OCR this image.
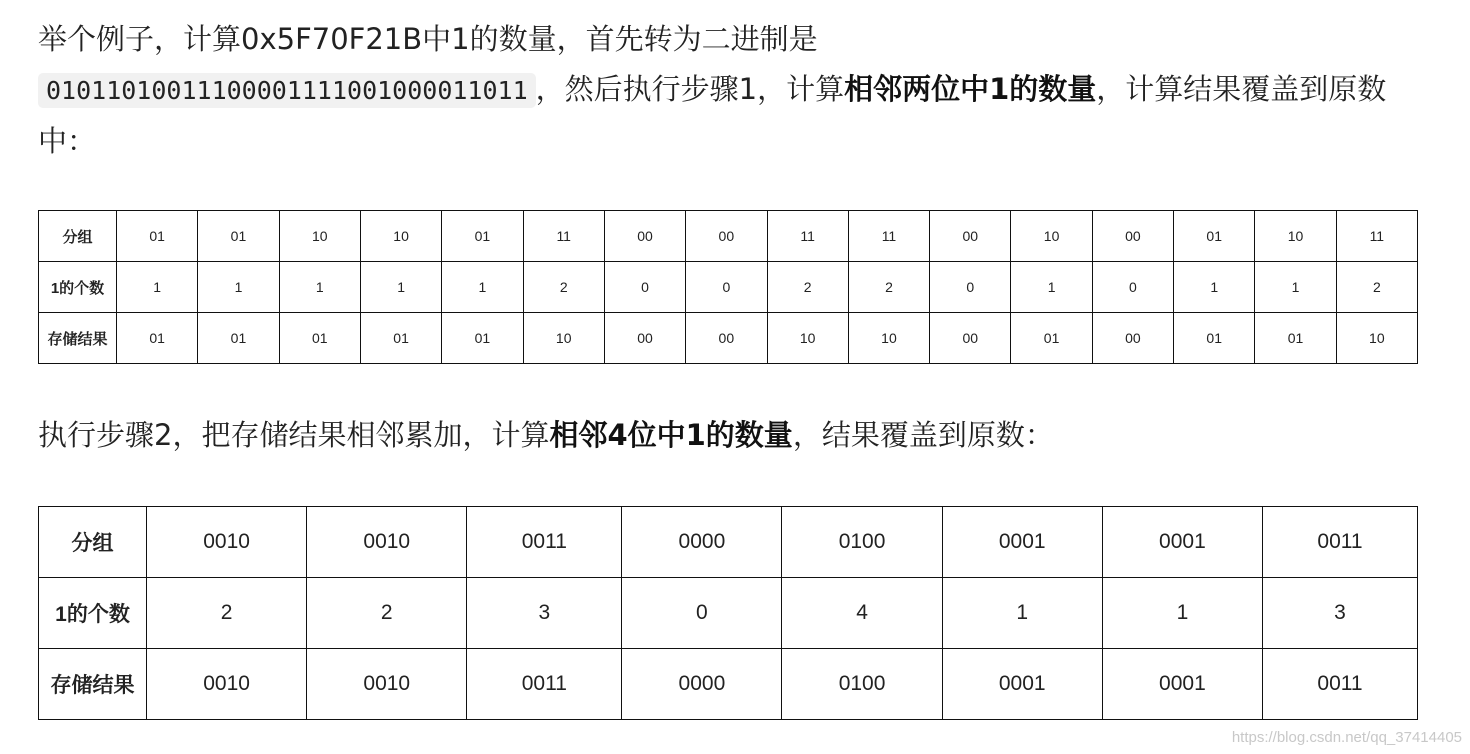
举个例子，计算0x5F70F21B中1的数量，首先转为二进制是
01011010011100001111001000011011 ，然后执行步骤1，计算相邻两位中1的数量，计算结果覆盖到原数中：

分组	01	01	10	10	01	11	00	00	11	11	00	10	00	01	10	11
1的个数	1	1	1	1	1	2	0	0	2	2	0	1	0	1	1	2
存储结果	01	01	01	01	01	10	00	00	10	10	00	01	00	01	01	10

执行步骤2，把存储结果相邻累加，计算相邻4位中1的数量，结果覆盖到原数：

分组	0010	0010	0011	0000	0100	0001	0001	0011
1的个数	2	2	3	0	4	1	1	3
存储结果	0010	0010	0011	0000	0100	0001	0001	0011
https://blog.csdn.net/qq_37414405
